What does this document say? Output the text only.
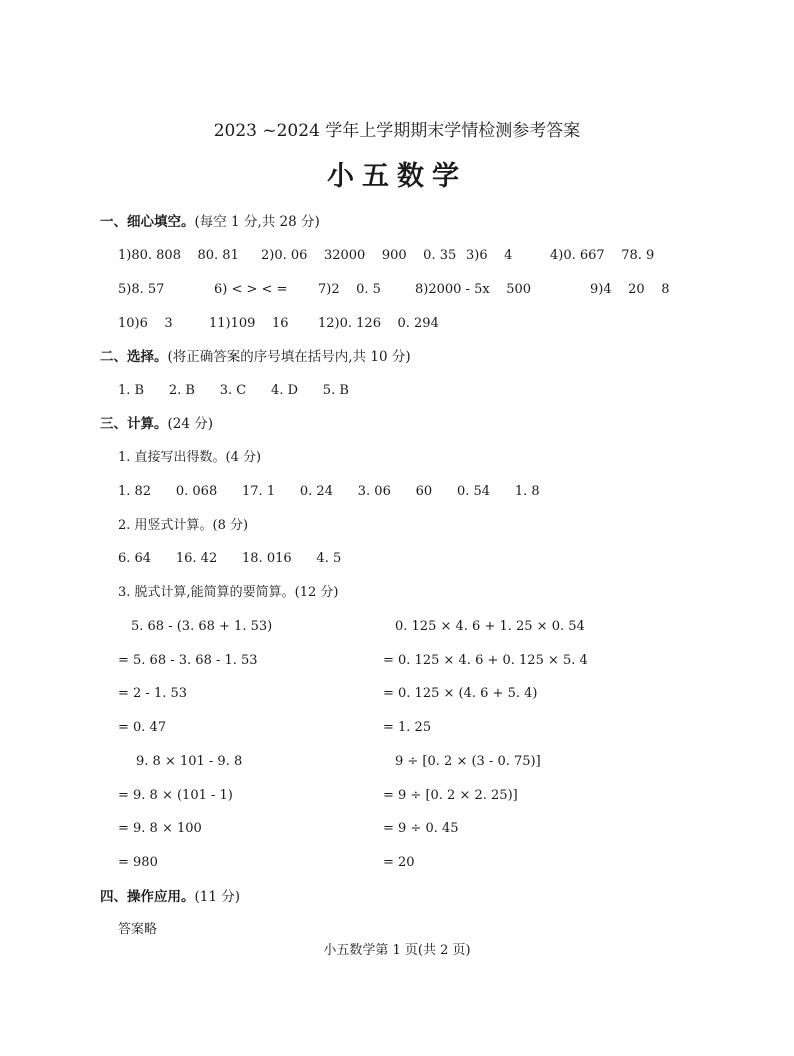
2023 ~2024 学年上学期期末学情检测参考答案
小五数学
一、细心填空。(每空 1 分,共 28 分)
1)80. 808    80. 81 2)0. 06    32000    900    0. 35 3)6    4	4)0. 667    78. 9
5)8. 57	6) < > < = 7)2    0. 5	8)2000 - 5x    500	9)4    20    8
10)6    3	11)109    16 12)0. 126    0. 294
二、选择。(将正确答案的序号填在括号内,共 10 分)
1. B      2. B      3. C      4. D      5. B
三、计算。(24 分)
1. 直接写出得数。(4 分)
1. 82      0. 068      17. 1      0. 24      3. 06      60      0. 54      1. 8
2. 用竖式计算。(8 分)
6. 64      16. 42      18. 016      4. 5
3. 脱式计算,能简算的要简算。(12 分)
5. 68 - (3. 68 + 1. 53)
= 5. 68 - 3. 68 - 1. 53
= 2 - 1. 53
= 0. 47
9. 8 × 101 - 9. 8
= 9. 8 × (101 - 1)
= 9. 8 × 100
= 980
0. 125 × 4. 6 + 1. 25 × 0. 54
= 0. 125 × 4. 6 + 0. 125 × 5. 4
= 0. 125 × (4. 6 + 5. 4)
= 1. 25
9 ÷ [0. 2 × (3 - 0. 75)]
= 9 ÷ [0. 2 × 2. 25)]
= 9 ÷ 0. 45
= 20
四、操作应用。(11 分)
答案略
小五数学第 1 页(共 2 页)
